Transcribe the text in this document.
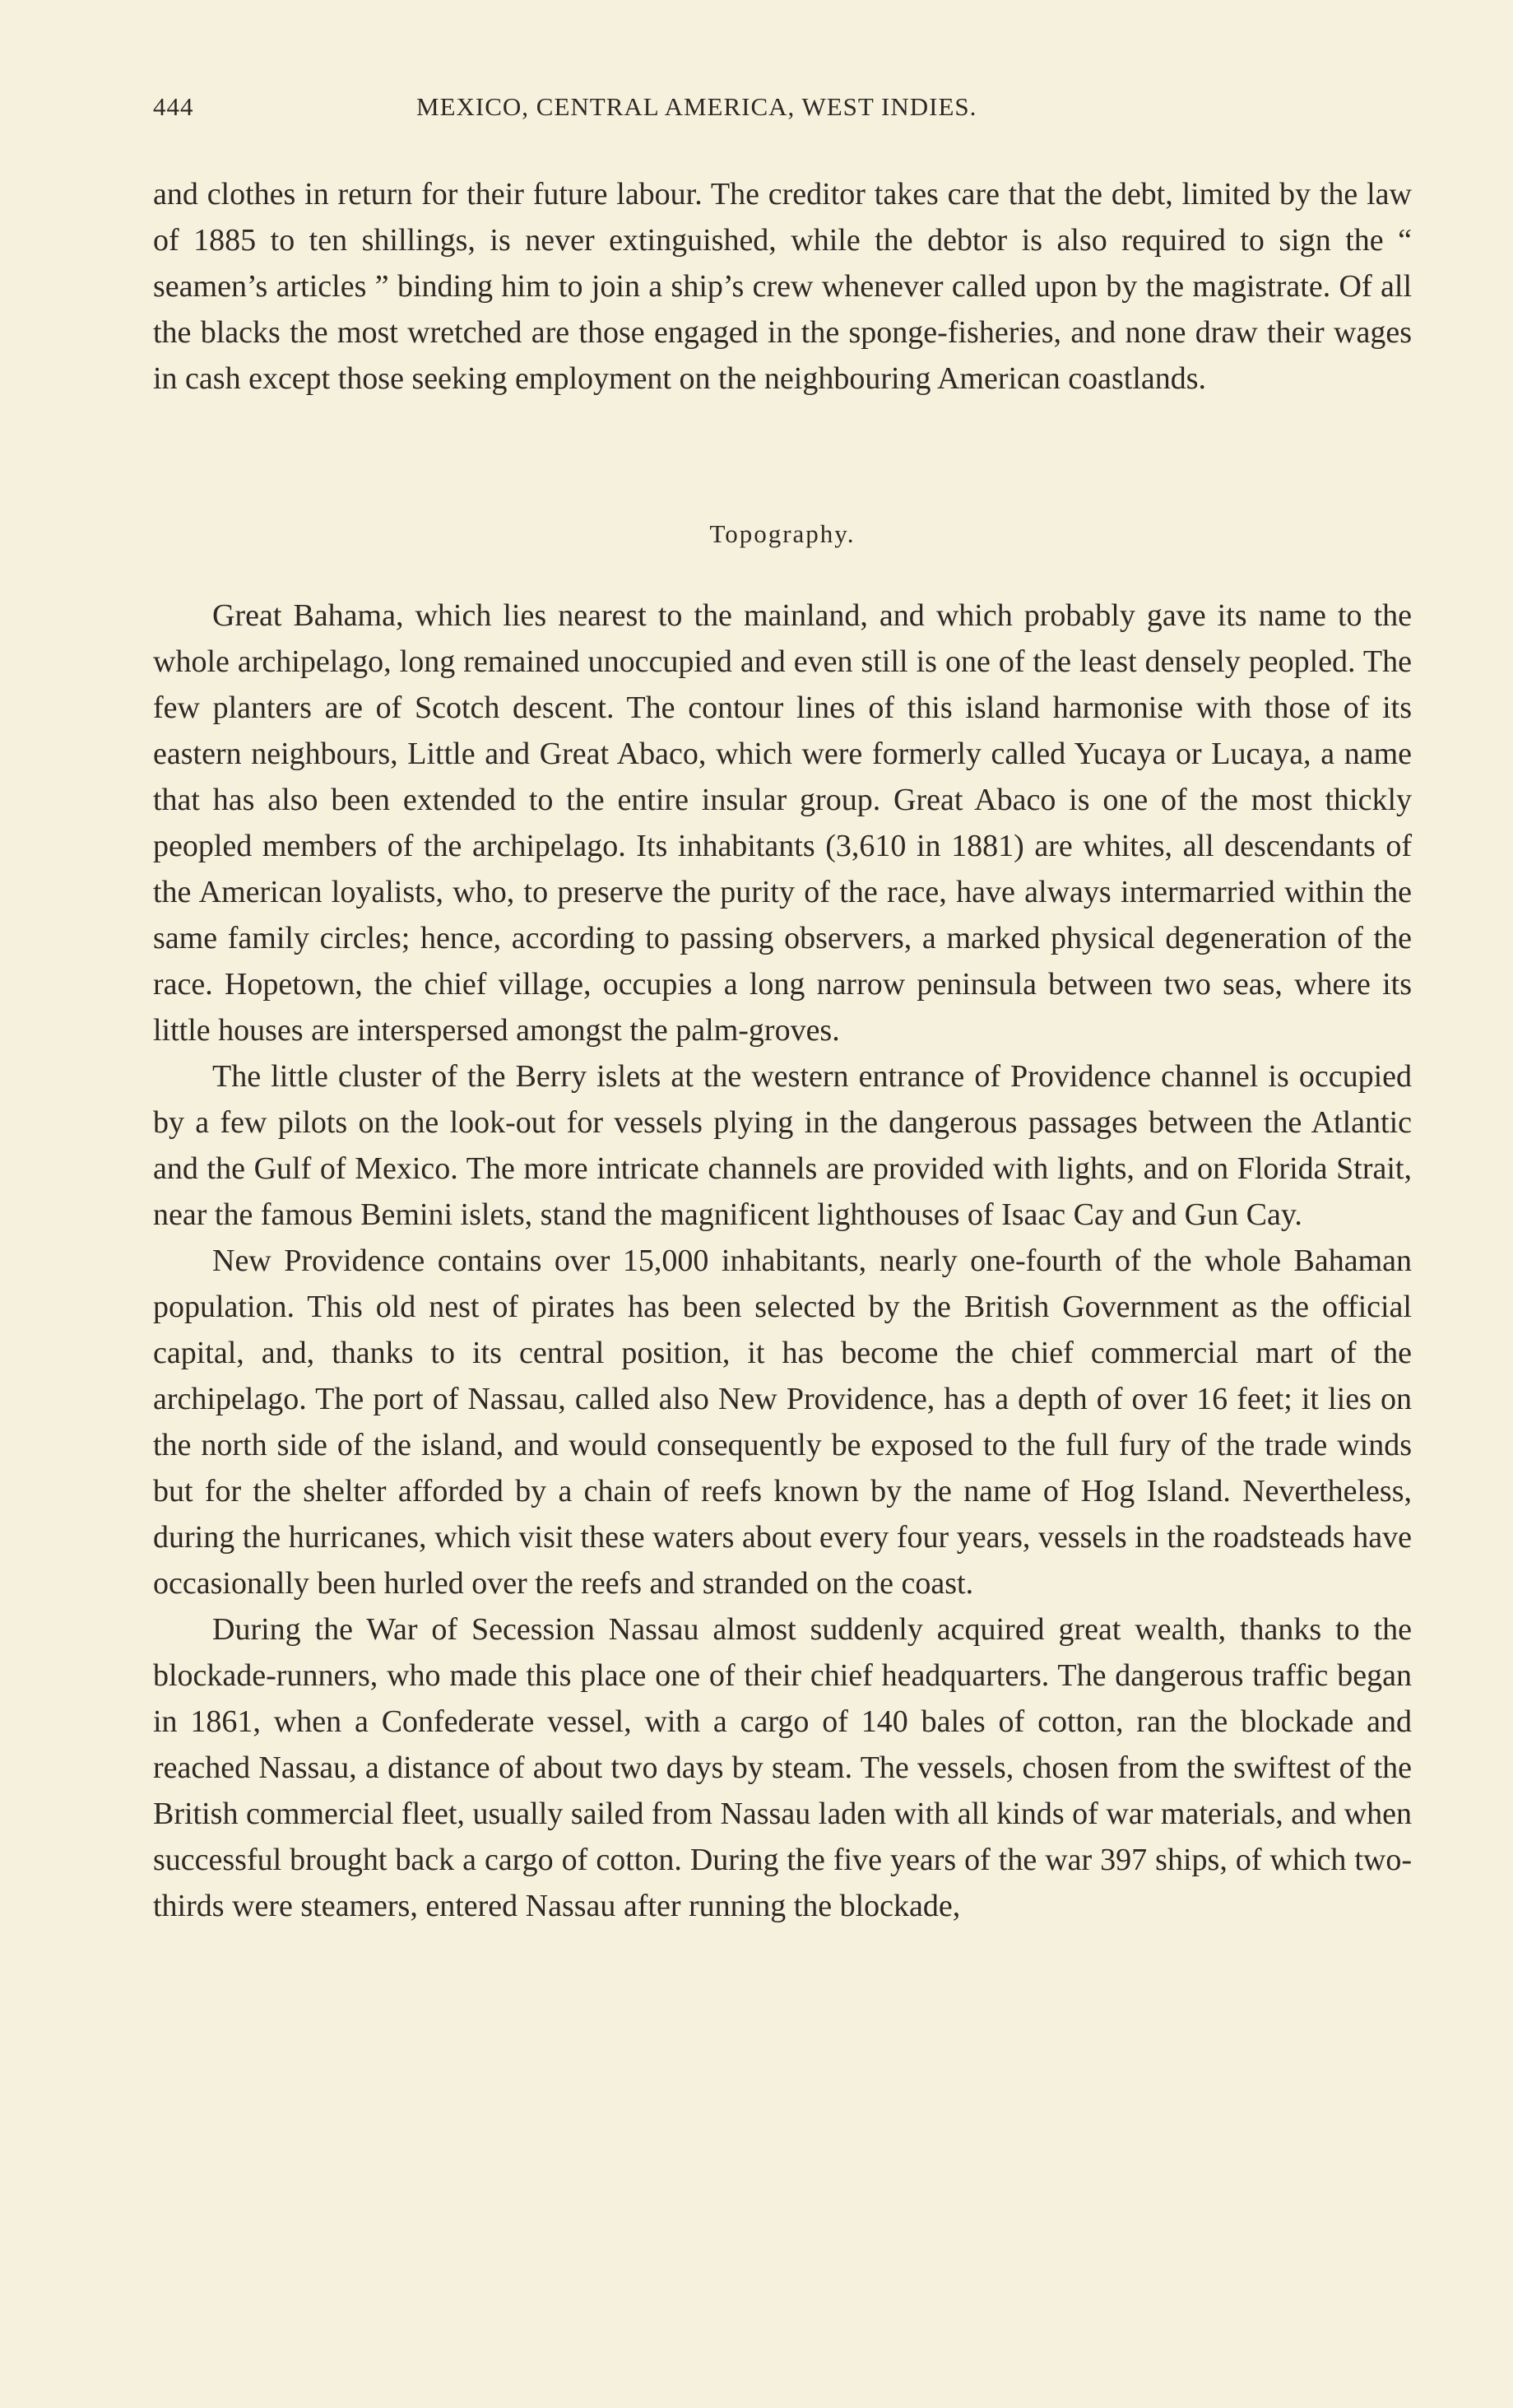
444	MEXICO, CENTRAL AMERICA, WEST INDIES.

and clothes in return for their future labour. The creditor takes care that the debt, limited by the law of 1885 to ten shillings, is never extinguished, while the debtor is also required to sign the “ seamen’s articles ” binding him to join a ship’s crew whenever called upon by the magistrate. Of all the blacks the most wretched are those engaged in the sponge-fisheries, and none draw their wages in cash except those seeking employment on the neighbouring American coastlands.

Topography.

Great Bahama, which lies nearest to the mainland, and which probably gave its name to the whole archipelago, long remained unoccupied and even still is one of the least densely peopled. The few planters are of Scotch descent. The contour lines of this island harmonise with those of its eastern neighbours, Little and Great Abaco, which were formerly called Yucaya or Lucaya, a name that has also been extended to the entire insular group. Great Abaco is one of the most thickly peopled members of the archipelago. Its inhabitants (3,610 in 1881) are whites, all descendants of the American loyalists, who, to preserve the purity of the race, have always intermarried within the same family circles; hence, according to passing observers, a marked physical degeneration of the race. Hopetown, the chief village, occupies a long narrow peninsula between two seas, where its little houses are interspersed amongst the palm-groves.

The little cluster of the Berry islets at the western entrance of Providence channel is occupied by a few pilots on the look-out for vessels plying in the dangerous passages between the Atlantic and the Gulf of Mexico. The more intricate channels are provided with lights, and on Florida Strait, near the famous Bemini islets, stand the magnificent lighthouses of Isaac Cay and Gun Cay.

New Providence contains over 15,000 inhabitants, nearly one-fourth of the whole Bahaman population. This old nest of pirates has been selected by the British Government as the official capital, and, thanks to its central position, it has become the chief commercial mart of the archipelago. The port of Nassau, called also New Providence, has a depth of over 16 feet; it lies on the north side of the island, and would consequently be exposed to the full fury of the trade winds but for the shelter afforded by a chain of reefs known by the name of Hog Island. Nevertheless, during the hurricanes, which visit these waters about every four years, vessels in the roadsteads have occasionally been hurled over the reefs and stranded on the coast.

During the War of Secession Nassau almost suddenly acquired great wealth, thanks to the blockade-runners, who made this place one of their chief headquarters. The dangerous traffic began in 1861, when a Confederate vessel, with a cargo of 140 bales of cotton, ran the blockade and reached Nassau, a distance of about two days by steam. The vessels, chosen from the swiftest of the British commercial fleet, usually sailed from Nassau laden with all kinds of war materials, and when successful brought back a cargo of cotton. During the five years of the war 397 ships, of which two-thirds were steamers, entered Nassau after running the blockade,
